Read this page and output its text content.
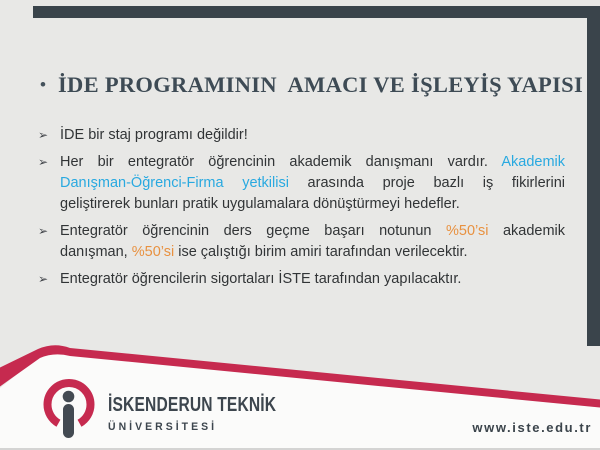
• İDE PROGRAMININ  AMACI VE İŞLEYİŞ YAPISI
➢ İDE bir staj programı değildir!
➢ Her bir entegratör öğrencinin akademik danışmanı vardır. Akademik
Danışman-Öğrenci-Firma yetkilisi arasında proje bazlı iş fikirlerini
geliştirerek bunları pratik uygulamalara dönüştürmeyi hedefler.
➢ Entegratör öğrencinin ders geçme başarı notunun %50’si akademik
danışman, %50’si ise çalıştığı birim amiri tarafından verilecektir.
➢ Entegratör öğrencilerin sigortaları İSTE tarafından yapılacaktır.
İSKENDERUN TEKNİK
ÜNİVERSİTESİ	www.iste.edu.tr
